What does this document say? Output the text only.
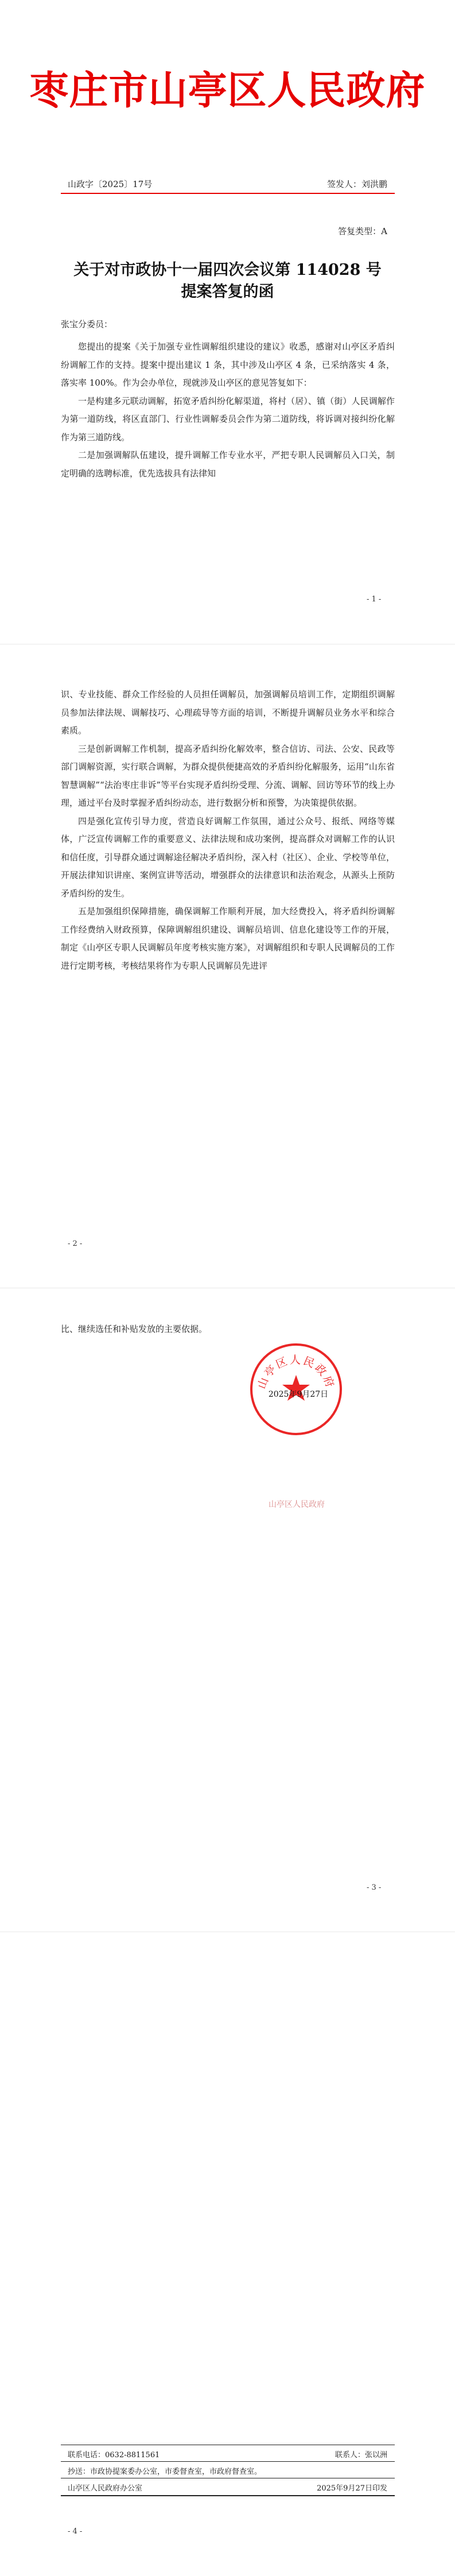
枣庄市山亭区人民政府
山政字〔2025〕17号	签发人：刘洪鹏
答复类型：A
关于对市政协十一届四次会议第 114028 号
提案答复的函
张宝分委员：

您提出的提案《关于加强专业性调解组织建设的建议》收悉，感谢对山亭区矛盾纠纷调解工作的支持。提案中提出建议 1 条，其中涉及山亭区 4 条，已采纳落实 4 条，落实率 100%。作为会办单位，现就涉及山亭区的意见答复如下：

一是构建多元联动调解，拓宽矛盾纠纷化解渠道，将村（居）、镇（街）人民调解作为第一道防线，将区直部门、行业性调解委员会作为第二道防线，将诉调对接纠纷化解作为第三道防线。

二是加强调解队伍建设，提升调解工作专业水平，严把专职人民调解员入口关，制定明确的选聘标准，优先选拔具有法律知

- 1 -

识、专业技能、群众工作经验的人员担任调解员，加强调解员培训工作，定期组织调解员参加法律法规、调解技巧、心理疏导等方面的培训，不断提升调解员业务水平和综合素质。

三是创新调解工作机制，提高矛盾纠纷化解效率，整合信访、司法、公安、民政等部门调解资源，实行联合调解，为群众提供便捷高效的矛盾纠纷化解服务，运用“山东省智慧调解”“法治枣庄非诉”等平台实现矛盾纠纷受理、分流、调解、回访等环节的线上办理，通过平台及时掌握矛盾纠纷动态，进行数据分析和预警，为决策提供依据。

四是强化宣传引导力度，营造良好调解工作氛围，通过公众号、报纸、网络等媒体，广泛宣传调解工作的重要意义、法律法规和成功案例，提高群众对调解工作的认识和信任度，引导群众通过调解途径解决矛盾纠纷，深入村（社区）、企业、学校等单位，开展法律知识讲座、案例宣讲等活动，增强群众的法律意识和法治观念，从源头上预防矛盾纠纷的发生。

五是加强组织保障措施，确保调解工作顺利开展，加大经费投入，将矛盾纠纷调解工作经费纳入财政预算，保障调解组织建设、调解员培训、信息化建设等工作的开展，制定《山亭区专职人民调解员年度考核实施方案》，对调解组织和专职人民调解员的工作进行定期考核，考核结果将作为专职人民调解员先进评

- 2 -

比、继续选任和补贴发放的主要依据。

山亭区人民政府
2025年9月27日
山亭区人民政府
- 3 -
联系电话：0632-8811561	联系人：张以洲
抄送：市政协提案委办公室，市委督查室，市政府督查室。
山亭区人民政府办公室	2025年9月27日印发
- 4 -
